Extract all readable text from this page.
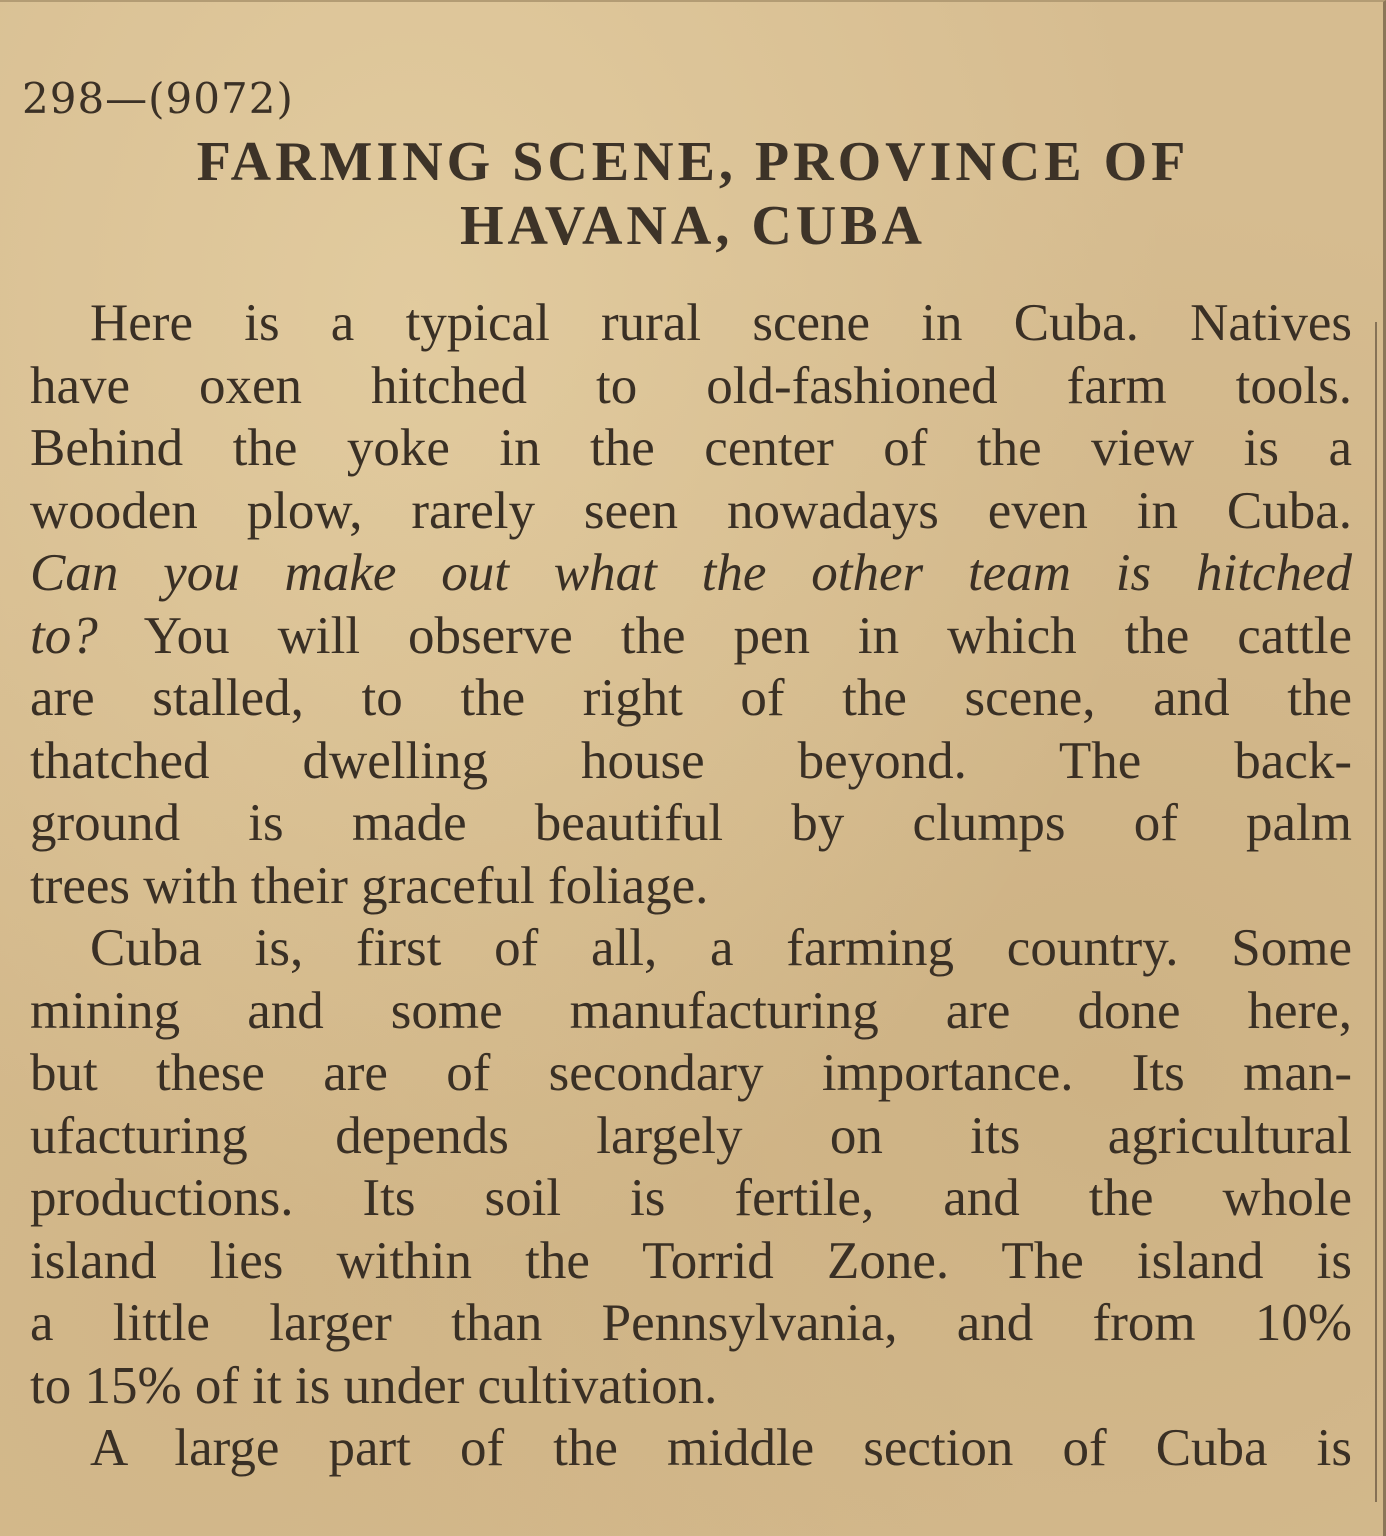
298—(9072)
FARMING SCENE, PROVINCE OF
HAVANA, CUBA
Here is a typical rural scene in Cuba. Natives
have oxen hitched to old-fashioned farm tools.
Behind the yoke in the center of the view is a
wooden plow, rarely seen nowadays even in Cuba.
Can you make out what the other team is hitched
to? You will observe the pen in which the cattle
are stalled, to the right of the scene, and the
thatched dwelling house beyond. The back-
ground is made beautiful by clumps of palm
trees with their graceful foliage.
Cuba is, first of all, a farming country. Some
mining and some manufacturing are done here,
but these are of secondary importance. Its man-
ufacturing depends largely on its agricultural
productions. Its soil is fertile, and the whole
island lies within the Torrid Zone. The island is
a little larger than Pennsylvania, and from 10%
to 15% of it is under cultivation.
A large part of the middle section of Cuba is
